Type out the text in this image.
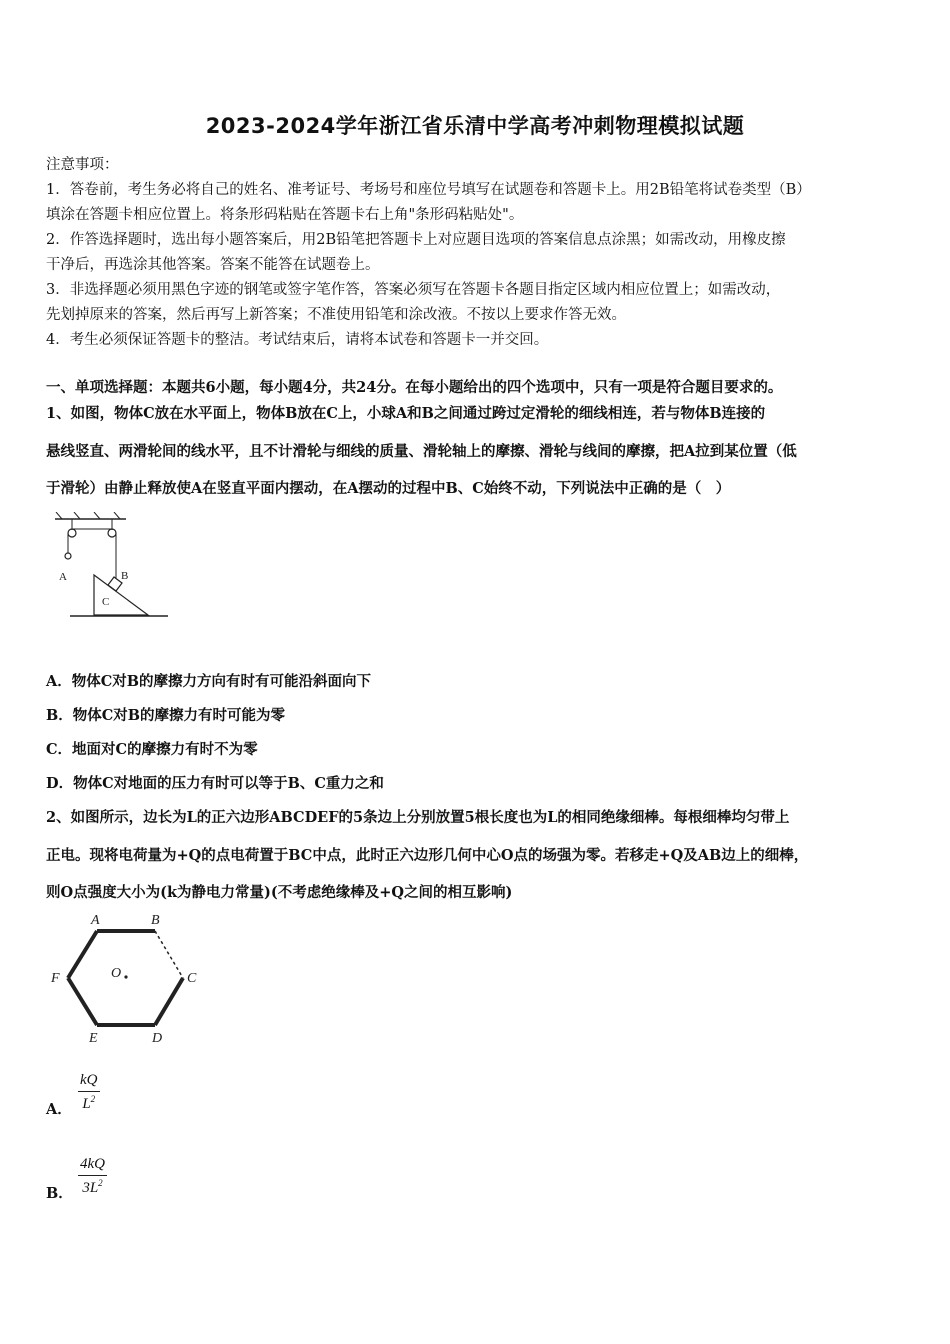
2023-2024学年浙江省乐清中学高考冲刺物理模拟试题
注意事项：
1．答卷前，考生务必将自己的姓名、准考证号、考场号和座位号填写在试题卷和答题卡上。用2B铅笔将试卷类型（B）
填涂在答题卡相应位置上。将条形码粘贴在答题卡右上角"条形码粘贴处"。
2．作答选择题时，选出每小题答案后，用2B铅笔把答题卡上对应题目选项的答案信息点涂黑；如需改动，用橡皮擦
干净后，再选涂其他答案。答案不能答在试题卷上。
3．非选择题必须用黑色字迹的钢笔或签字笔作答，答案必须写在答题卡各题目指定区域内相应位置上；如需改动，
先划掉原来的答案，然后再写上新答案；不准使用铅笔和涂改液。不按以上要求作答无效。
4．考生必须保证答题卡的整洁。考试结束后，请将本试卷和答题卡一并交回。
一、单项选择题：本题共6小题，每小题4分，共24分。在每小题给出的四个选项中，只有一项是符合题目要求的。
1、如图，物体C放在水平面上，物体B放在C上，小球A和B之间通过跨过定滑轮的细线相连，若与物体B连接的
悬线竖直、两滑轮间的线水平，且不计滑轮与细线的质量、滑轮轴上的摩擦、滑轮与线间的摩擦，把A拉到某位置（低
于滑轮）由静止释放使A在竖直平面内摆动，在A摆动的过程中B、C始终不动，下列说法中正确的是（　）
A	B
C
A．物体C对B的摩擦力方向有时有可能沿斜面向下
B．物体C对B的摩擦力有时可能为零
C．地面对C的摩擦力有时不为零
D．物体C对地面的压力有时可以等于B、C重力之和
2、如图所示，边长为L的正六边形ABCDEF的5条边上分别放置5根长度也为L的相同绝缘细棒。每根细棒均匀带上
正电。现将电荷量为+Q的点电荷置于BC中点，此时正六边形几何中心O点的场强为零。若移走+Q及AB边上的细棒，
则O点强度大小为(k为静电力常量)(不考虑绝缘棒及+Q之间的相互影响)
O
A	B
C
D
E
F
A．
kQ
$L^2$
B．
4kQ
$3L^2$
